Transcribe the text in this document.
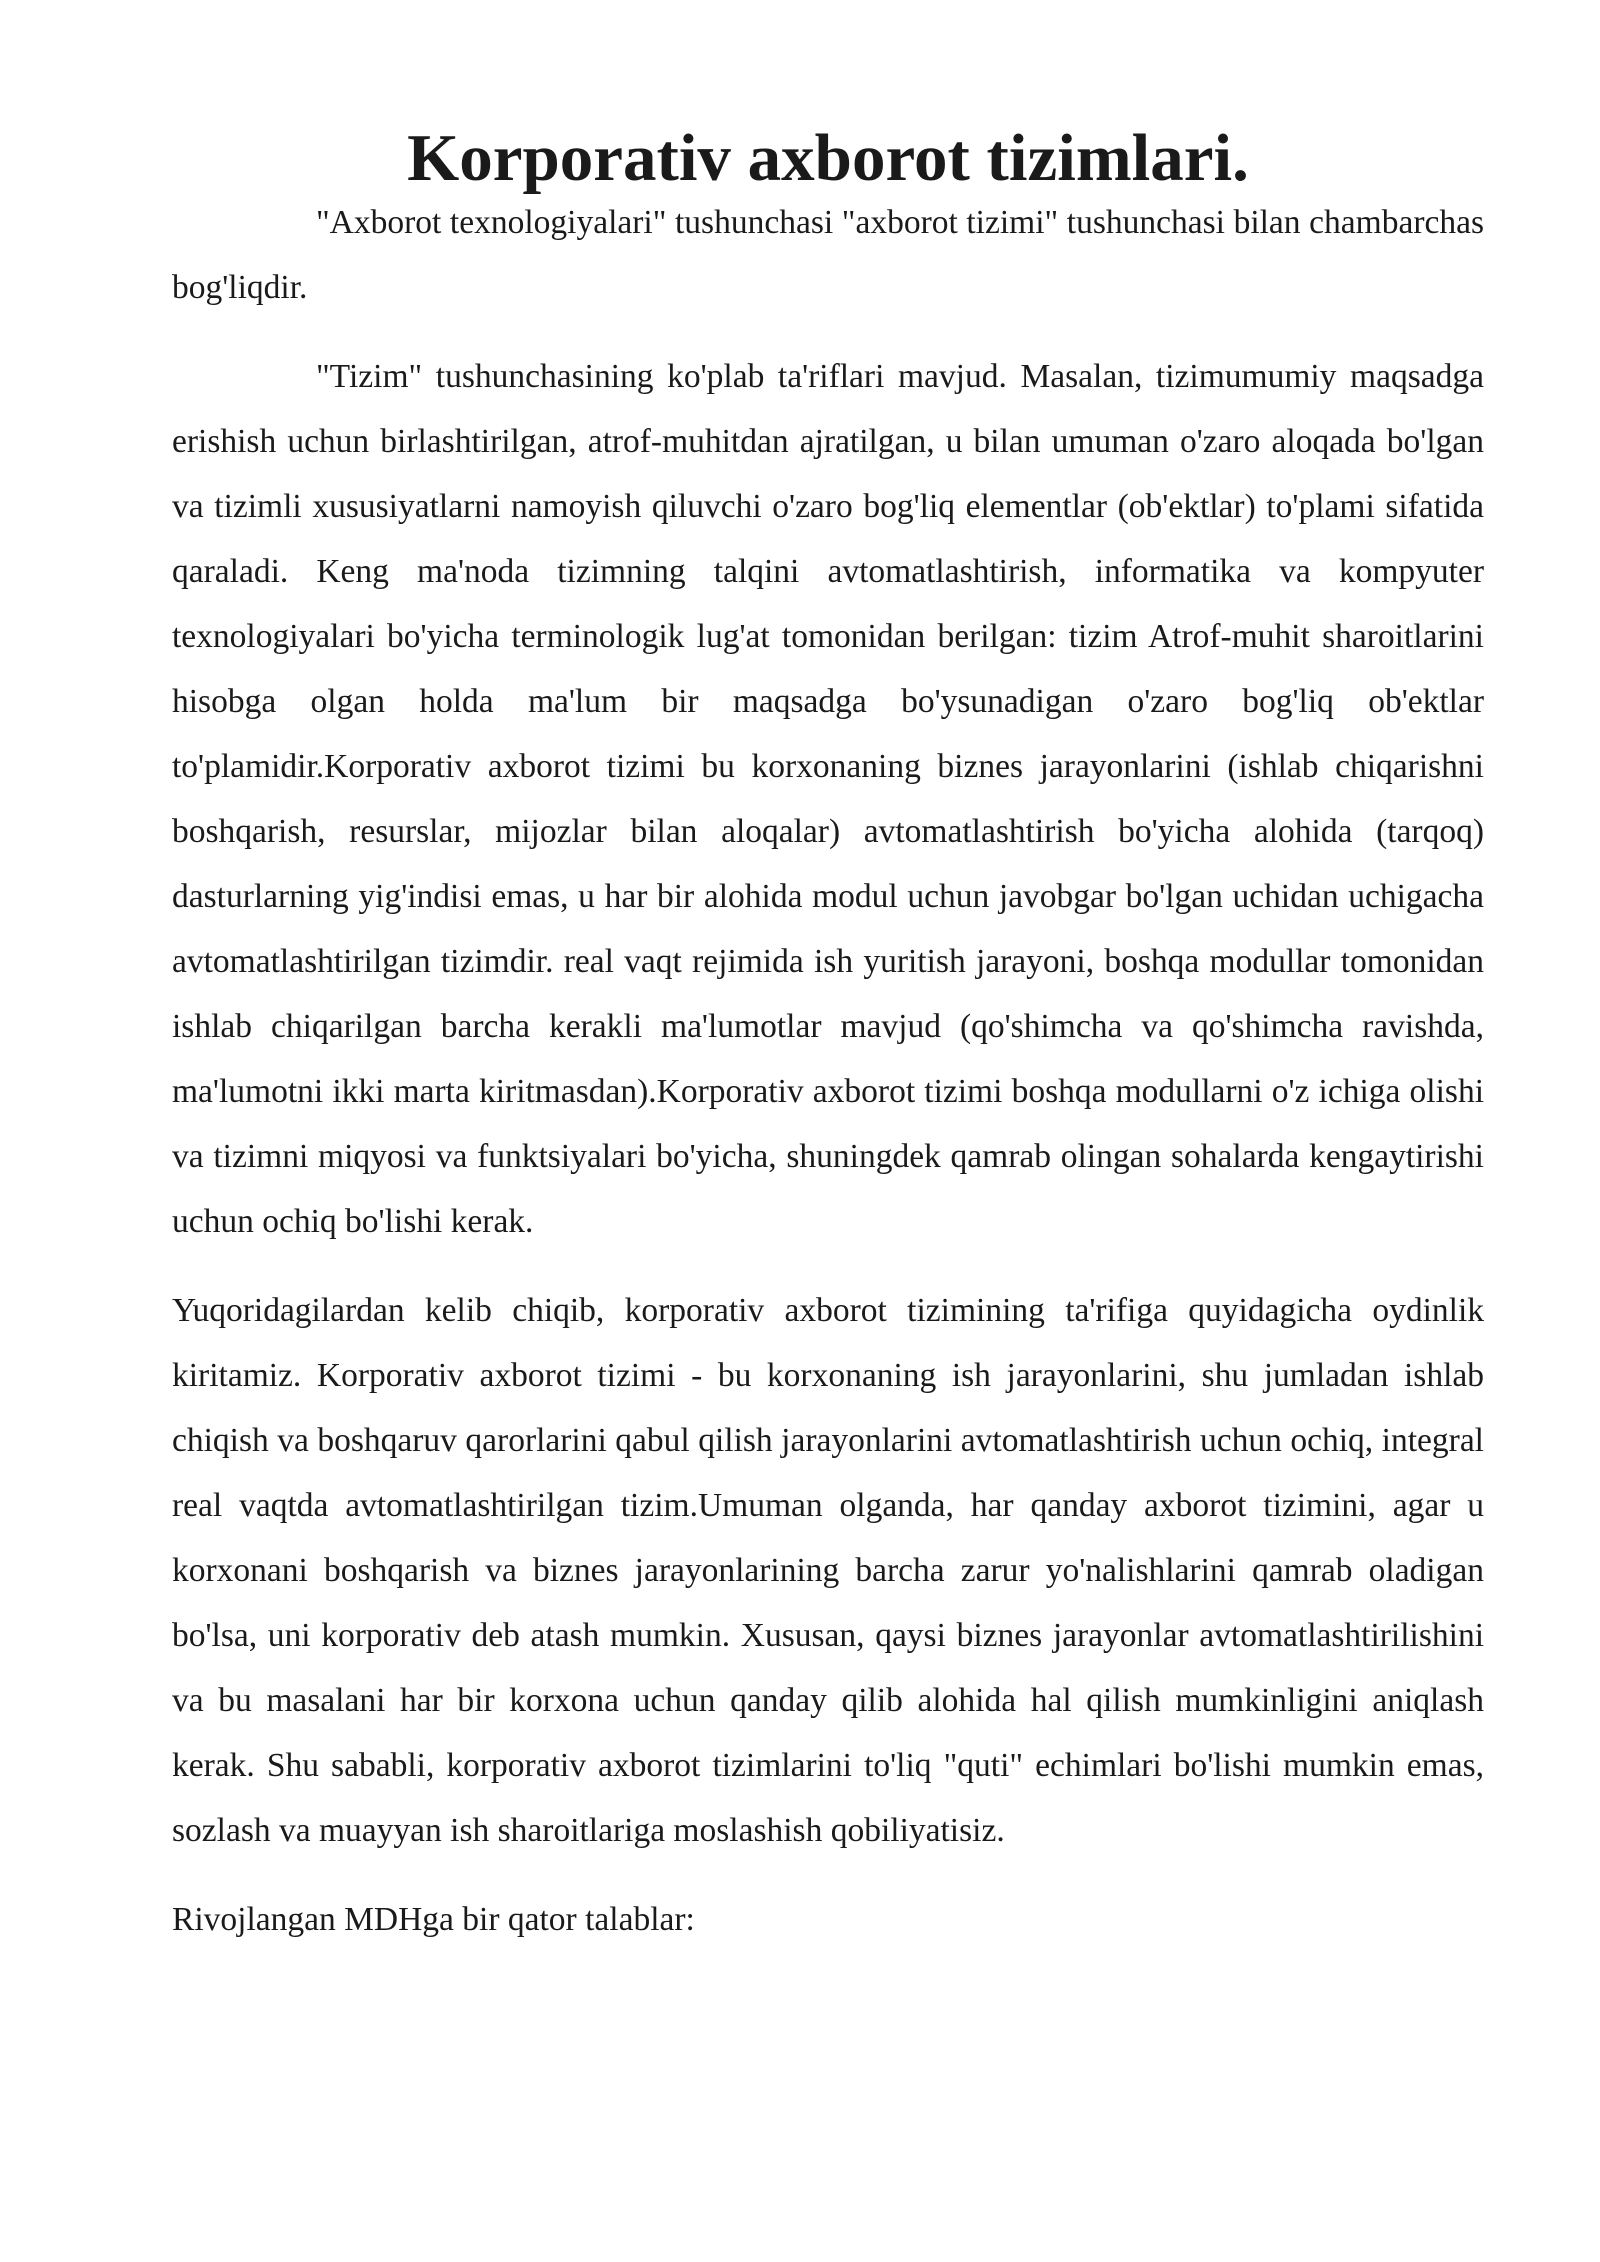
Korporativ axborot tizimlari.

"Axborot texnologiyalari" tushunchasi "axborot tizimi" tushunchasi bilan chambarchas bog'liqdir.

"Tizim" tushunchasining ko'plab ta'riflari mavjud. Masalan, tizimumumiy maqsadga erishish uchun birlashtirilgan, atrof-muhitdan ajratilgan, u bilan umuman o'zaro aloqada bo'lgan va tizimli xususiyatlarni namoyish qiluvchi o'zaro bog'liq elementlar (ob'ektlar) to'plami sifatida qaraladi. Keng ma'noda tizimning talqini avtomatlashtirish, informatika va kompyuter texnologiyalari bo'yicha terminologik lug'at tomonidan berilgan: tizim Atrof-muhit sharoitlarini hisobga olgan holda ma'lum bir maqsadga bo'ysunadigan o'zaro bog'liq ob'ektlar to'plamidir.Korporativ axborot tizimi bu korxonaning biznes jarayonlarini (ishlab chiqarishni boshqarish, resurslar, mijozlar bilan aloqalar) avtomatlashtirish bo'yicha alohida (tarqoq) dasturlarning yig'indisi emas, u har bir alohida modul uchun javobgar bo'lgan uchidan uchigacha avtomatlashtirilgan tizimdir. real vaqt rejimida ish yuritish jarayoni, boshqa modullar tomonidan ishlab chiqarilgan barcha kerakli ma'lumotlar mavjud (qo'shimcha va qo'shimcha ravishda, ma'lumotni ikki marta kiritmasdan).Korporativ axborot tizimi boshqa modullarni o'z ichiga olishi va tizimni miqyosi va funktsiyalari bo'yicha, shuningdek qamrab olingan sohalarda kengaytirishi uchun ochiq bo'lishi kerak.

Yuqoridagilardan kelib chiqib, korporativ axborot tizimining ta'rifiga quyidagicha oydinlik kiritamiz. Korporativ axborot tizimi - bu korxonaning ish jarayonlarini, shu jumladan ishlab chiqish va boshqaruv qarorlarini qabul qilish jarayonlarini avtomatlashtirish uchun ochiq, integral real vaqtda avtomatlashtirilgan tizim.Umuman olganda, har qanday axborot tizimini, agar u korxonani boshqarish va biznes jarayonlarining barcha zarur yo'nalishlarini qamrab oladigan bo'lsa, uni korporativ deb atash mumkin. Xususan, qaysi biznes jarayonlar avtomatlashtirilishini va bu masalani har bir korxona uchun qanday qilib alohida hal qilish mumkinligini aniqlash kerak. Shu sababli, korporativ axborot tizimlarini to'liq "quti" echimlari bo'lishi mumkin emas, sozlash va muayyan ish sharoitlariga moslashish qobiliyatisiz.

Rivojlangan MDHga bir qator talablar:
